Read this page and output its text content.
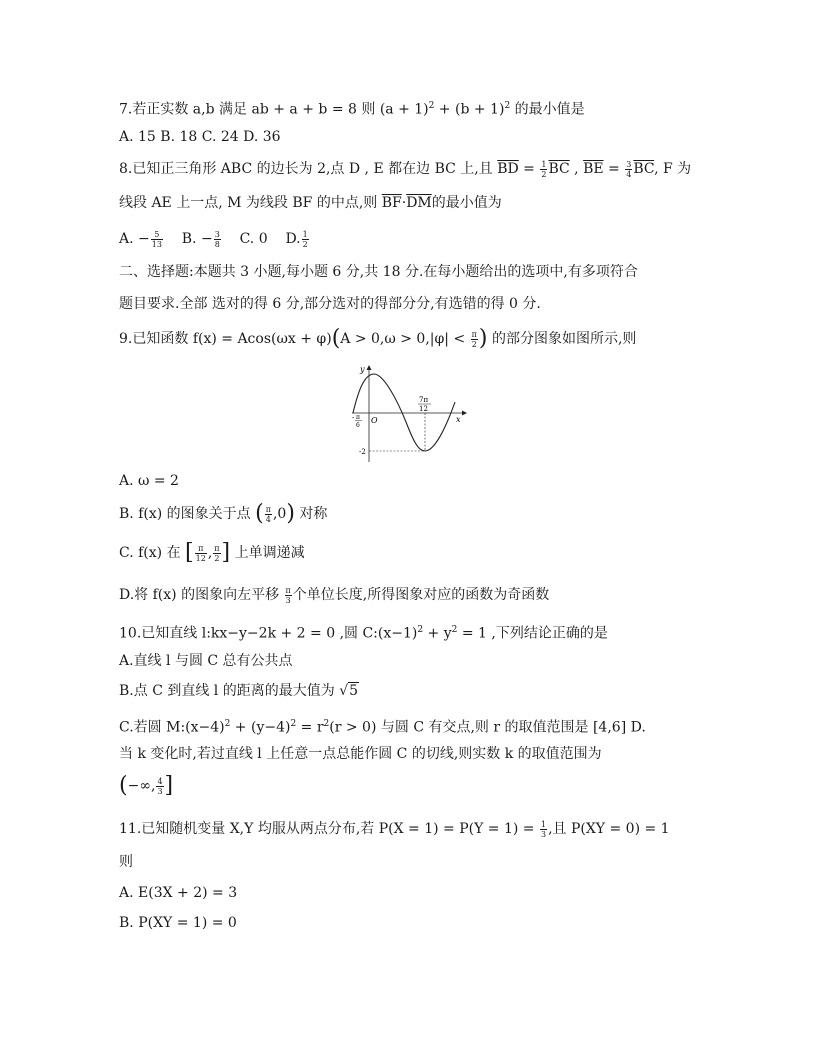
7.若正实数 a,b 满足 ab + a + b = 8 则 $(a + 1)^2 + (b + 1)^2$ 的最小值是
A. 15 B. 18 C. 24 D. 36
8.已知正三角形 ABC 的边长为 2,点 D , E 都在边 BC 上,且 $\overline{BD} = \frac{1}{2} \overline{BC}$ , $\overline{BE} = \frac{3}{4} \overline{BC}$, F 为
线段 AE 上一点, M 为线段 BF 的中点,则 $\overline{BF}\cdot\overline{DM}$的最小值为
A. − $\frac{5}{13} B$. − $\frac{3}{8} C$. 0 D. $\frac{1}{2}$
二、选择题:本题共 3 小题,每小题 6 分,共 18 分.在每小题给出的选项中,有多项符合
题目要求.全部 选对的得 6 分,部分选对的得部分分,有选错的得 0 分.
9.已知函数 $f(x) = Acos(\omega x + \varphi)(A > 0,\omega > 0,|\varphi| < \frac{\pi}{2}$ ) 的部分图象如图所示,则
y
x
O
7π
12
- π
6
-2
A. ω = 2
B. f(x) 的图象关于点 ( $\frac{\pi}{4} ,0$) 对称
C. f(x) 在 [ $\frac{\pi}{12}$ , $\frac{\pi}{2}$ ] 上单调递减
D.将 f(x) 的图象向左平移 $\frac{\pi}{3}$ 个单位长度,所得图象对应的函数为奇函数
10.已知直线 l:kx−y−2k + 2 = 0 ,圆 $C:(x-1)^2 + y^2 = 1$ ,下列结论正确的是
A.直线 l 与圆 C 总有公共点
B.点 C 到直线 l 的距离的最大值为 √5
C.若圆 $M:(x-4)^2 + (y-4)^2 = r^2(r > 0)$ 与圆 C 有交点,则 r 的取值范围是 [4,6] D.
当 k 变化时,若过直线 l 上任意一点总能作圆 C 的切线,则实数 k 的取值范围为
(−∞, $\frac{4}{3}$ ]
11.已知随机变量 X,Y 均服从两点分布,若 $P(X = 1) = P(Y = 1) = \frac{1}{3}$ ,且 P(XY = 0) = 1
则
A. E(3X + 2) = 3
B. P(XY = 1) = 0
